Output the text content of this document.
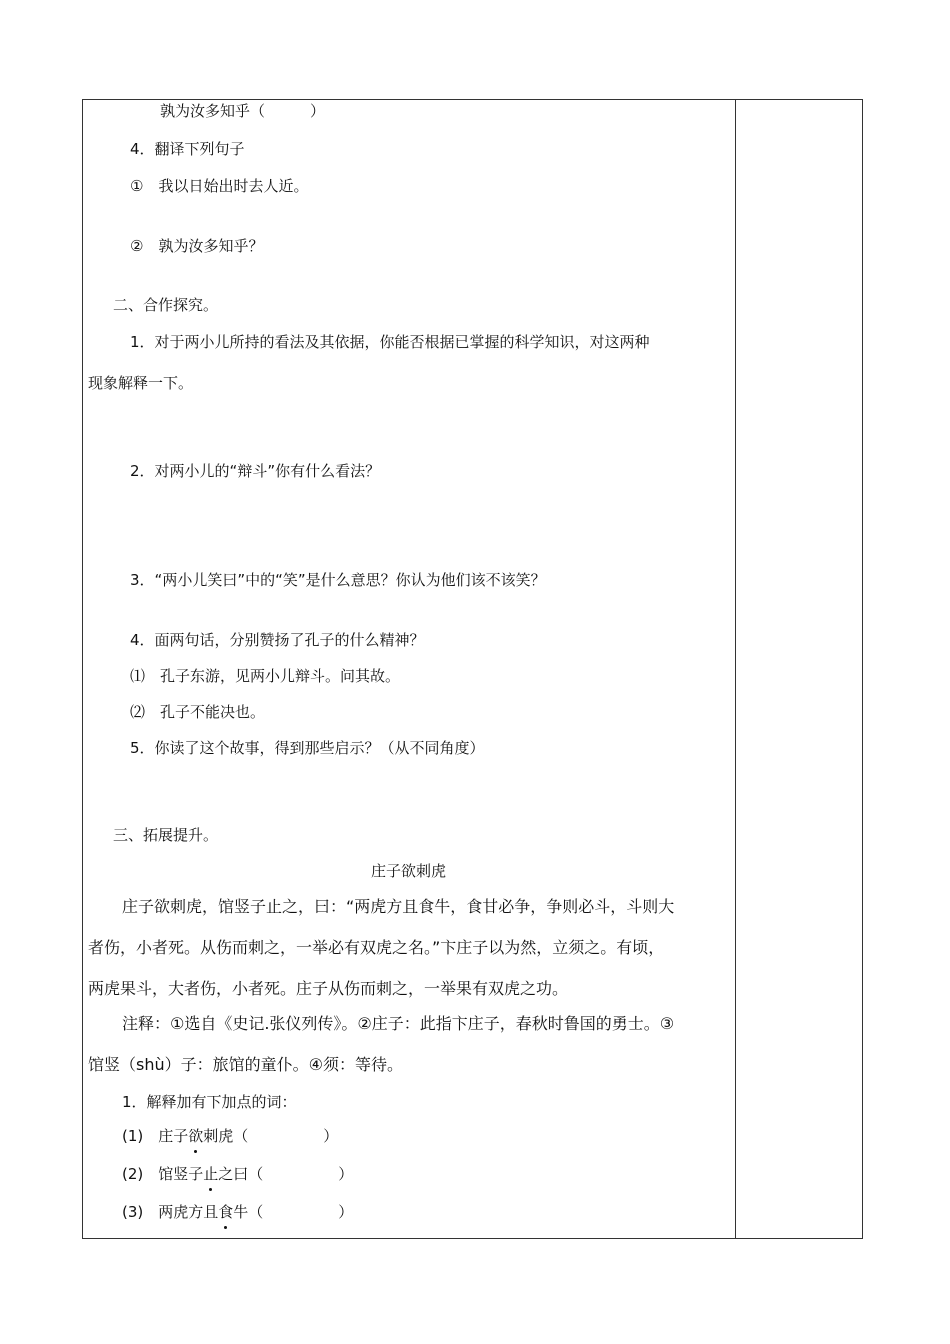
孰为汝多知乎（　　　）
4．翻译下列句子
①　我以日始出时去人近。
②　孰为汝多知乎？
二、合作探究。
1．对于两小儿所持的看法及其依据，你能否根据已掌握的科学知识，对这两种
现象解释一下。
2．对两小儿的“辩斗”你有什么看法？
3．“两小儿笑曰”中的“笑”是什么意思？你认为他们该不该笑？
4．面两句话，分别赞扬了孔子的什么精神？
⑴　孔子东游，见两小儿辩斗。问其故。
⑵　孔子不能决也。
5．你读了这个故事，得到那些启示？（从不同角度）
三、拓展提升。
庄子欲刺虎
庄子欲刺虎，馆竖子止之，曰：“两虎方且食牛，食甘必争，争则必斗，斗则大
者伤，小者死。从伤而刺之，一举必有双虎之名。”卞庄子以为然，立须之。有顷，
两虎果斗，大者伤，小者死。庄子从伤而刺之，一举果有双虎之功。
注释：①选自《史记.张仪列传》。②庄子：此指卞庄子，春秋时鲁国的勇士。③
馆竖（shù）子：旅馆的童仆。④须：等待。
1．解释加有下加点的词：
(1)　庄子欲刺虎（　　　　　）
(2)　馆竖子止之曰（　　　　　）
(3)　两虎方且食牛（　　　　　）
